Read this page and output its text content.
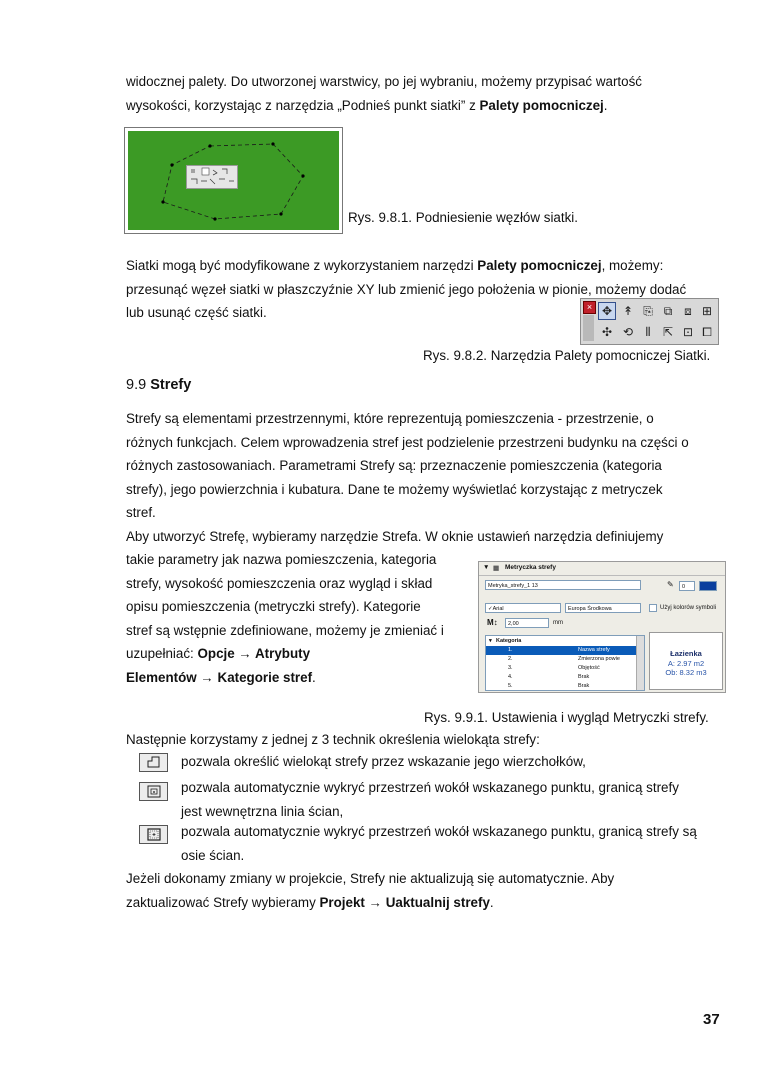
widocznej palety. Do utworzonej warstwicy, po jej wybraniu, możemy przypisać wartość
wysokości, korzystając z narzędzia „Podnieś punkt siatki” z Palety pomocniczej.
Rys. 9.8.1. Podniesienie węzłów siatki.
Siatki mogą być modyfikowane z wykorzystaniem narzędzi Palety pomocniczej, możemy:
przesunąć węzeł siatki w płaszczyźnie XY lub zmienić jego położenia w pionie, możemy dodać
lub usunąć część siatki.	× ✥ ↟ ⎘ ⧉ ⧈ ⊞
✣ ⟲	⫴	⇱ ⊡ ⧠
Rys. 9.8.2. Narzędzia Palety pomocniczej Siatki.
9.9 Strefy
Strefy są elementami przestrzennymi, które reprezentują pomieszczenia - przestrzenie, o
różnych funkcjach. Celem wprowadzenia stref jest podzielenie przestrzeni budynku na części o
różnych zastosowaniach. Parametrami Strefy są: przeznaczenie pomieszczenia (kategoria
strefy), jego powierzchnia i kubatura. Dane te możemy wyświetlać korzystając z metryczek
stref.
Aby utworzyć Strefę, wybieramy narzędzie Strefa. W oknie ustawień narzędzia definiujemy
takie parametry jak nazwa pomieszczenia, kategoria
strefy, wysokość pomieszczenia oraz wygląd i skład
opisu pomieszczenia (metryczki strefy). Kategorie
stref są wstępnie zdefiniowane, możemy je zmieniać i
uzupełniać: Opcje → Atrybuty
Elementów → Kategorie stref.
▼ ▦ Metryczka strefy
Metryka_strefy_1 13	✎	0
✓Arial	Europa Środkowa	Użyj kolorów symboli
M↕	2,00	mm
▾ Kategoria
1.	Nazwa strefy
2.	Zmierzona powie
3.	Objętość
4.	Brak
5.	Brak
Łazienka
A: 2.97 m2
Ob: 8.32 m3
Rys. 9.9.1. Ustawienia i wygląd Metryczki strefy.
Następnie korzystamy z jednej z 3 technik określenia wielokąta strefy:
pozwala określić wielokąt strefy przez wskazanie jego wierzchołków,
pozwala automatycznie wykryć przestrzeń wokół wskazanego punktu, granicą strefy
jest wewnętrzna linia ścian,
pozwala automatycznie wykryć przestrzeń wokół wskazanego punktu, granicą strefy są
osie ścian.
Jeżeli dokonamy zmiany w projekcie, Strefy nie aktualizują się automatycznie. Aby
zaktualizować Strefy wybieramy Projekt → Uaktualnij strefy.
37
